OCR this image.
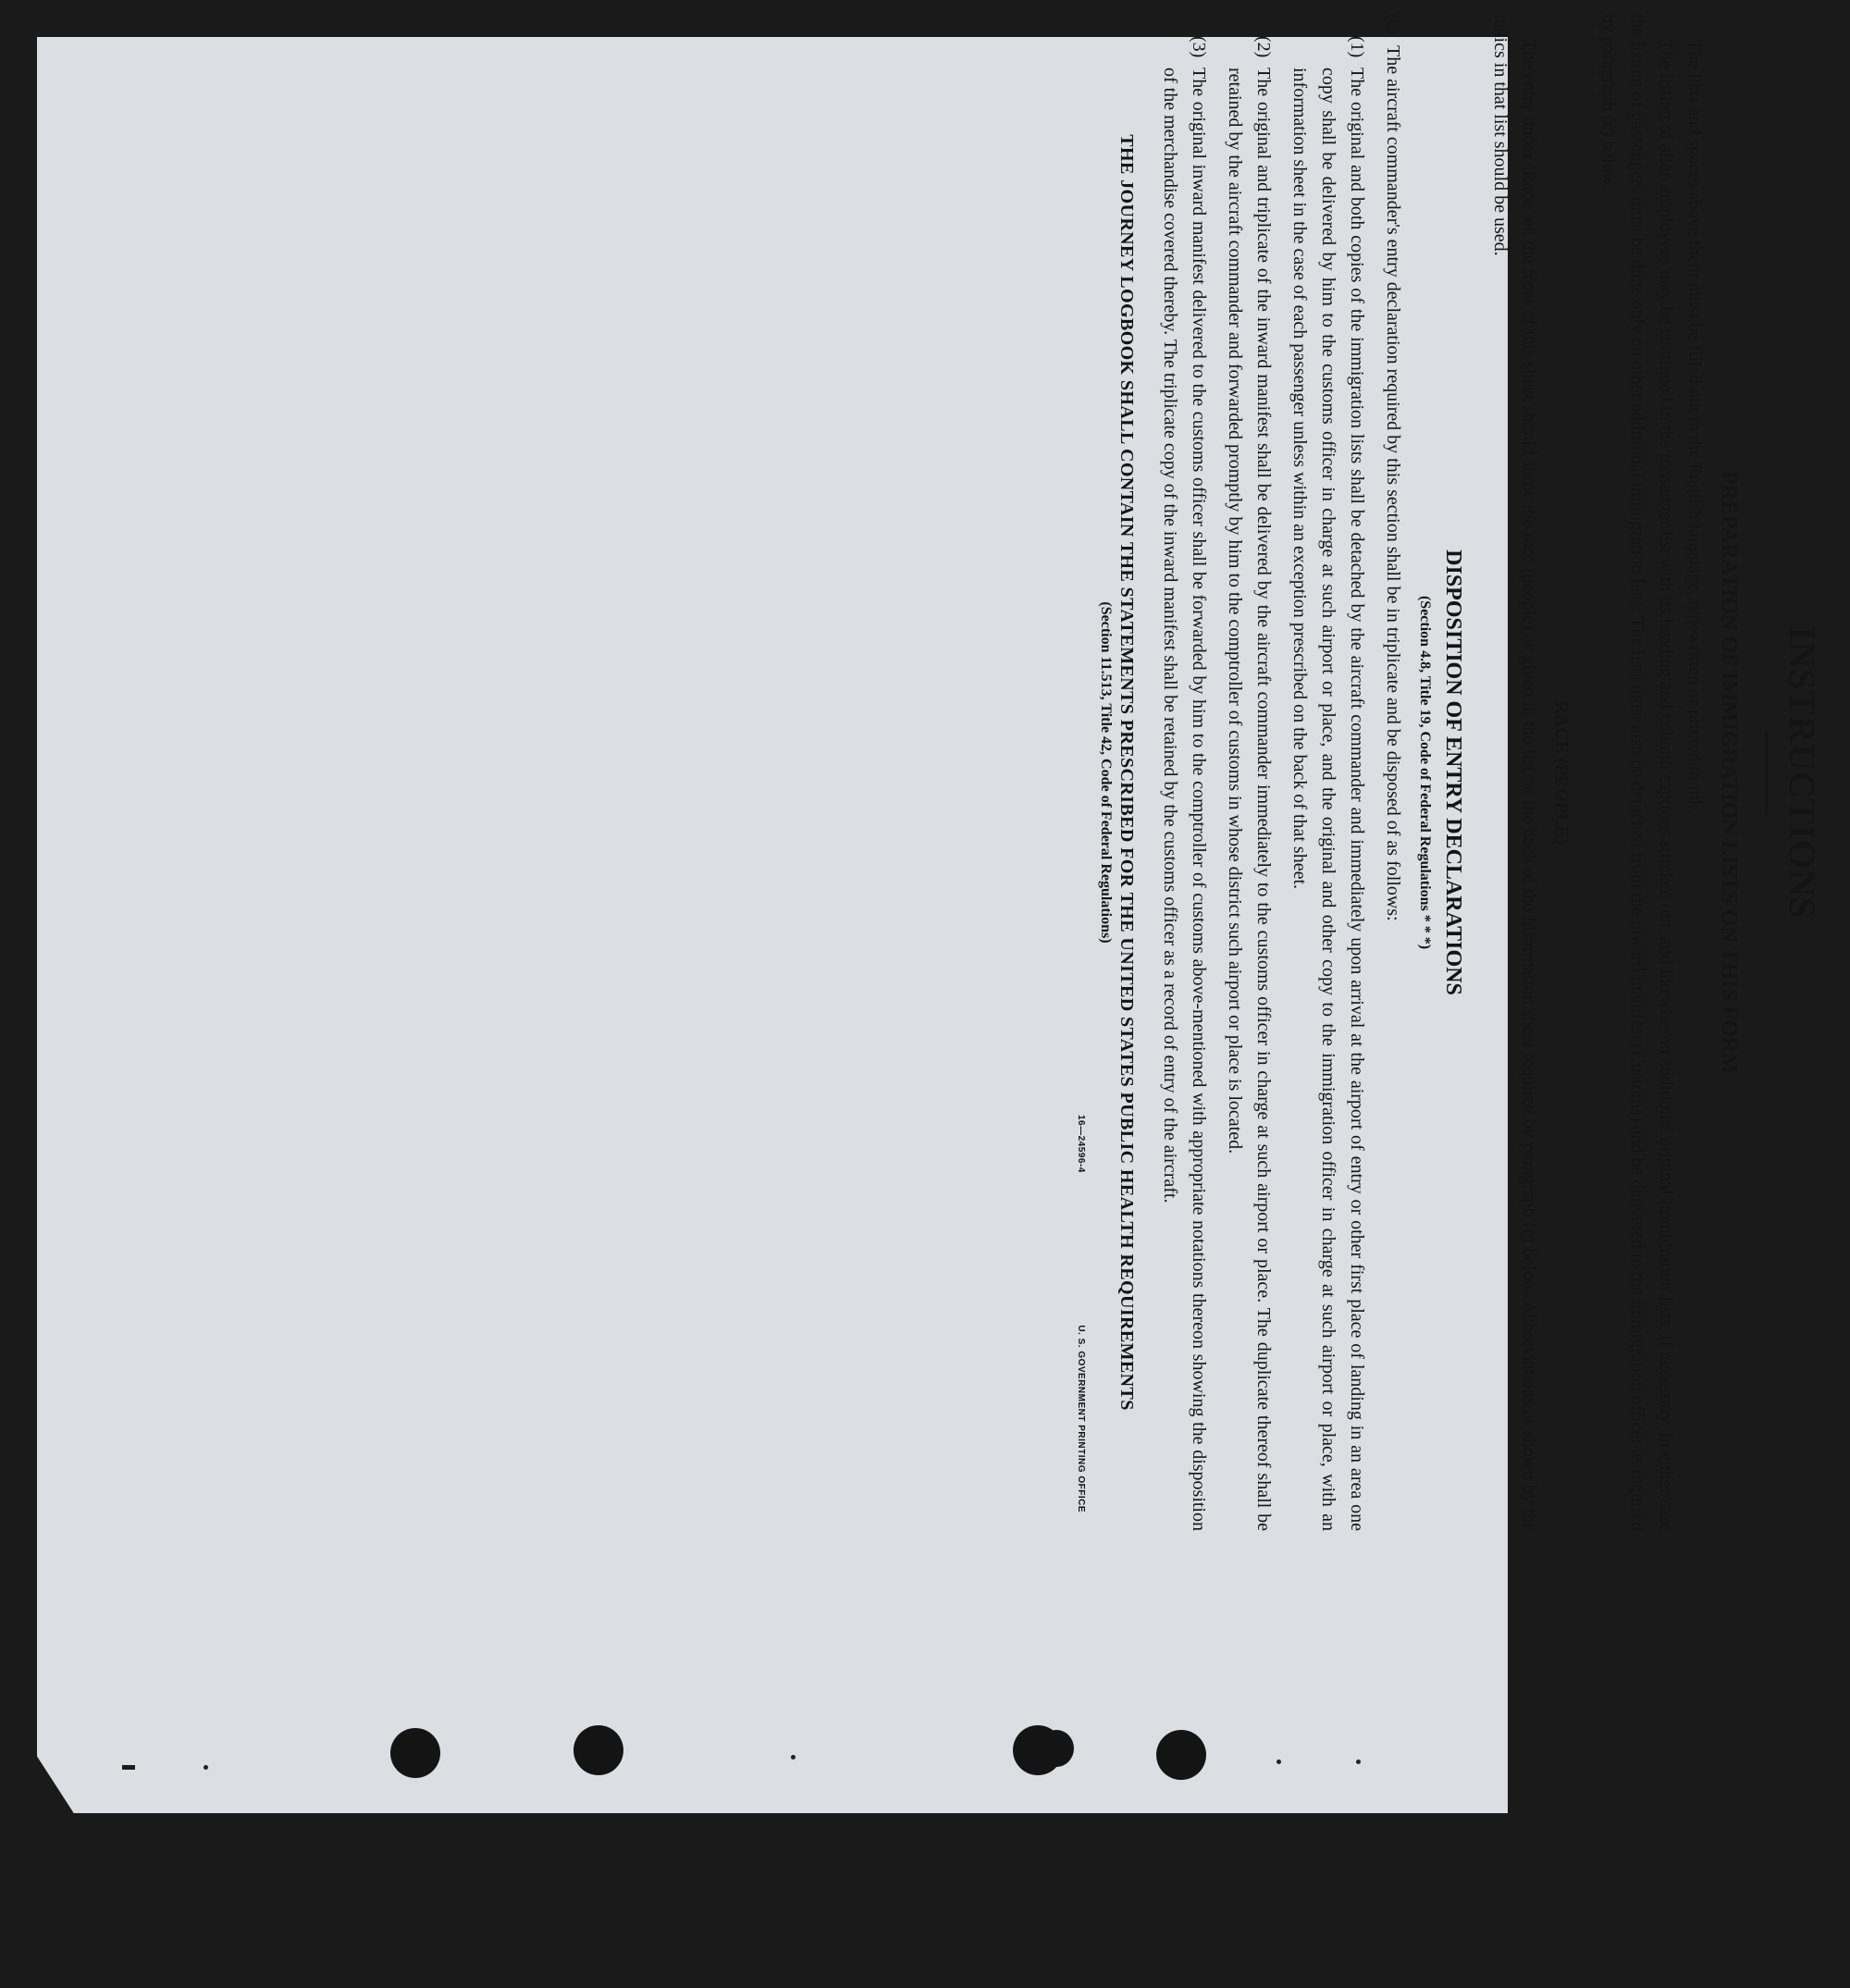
INSTRUCTIONS
PREPARATION OF IMMIGRATION LISTS ON THIS FORM

The lists and spaces above them must be filled out in the English language, typewritten or printed in ink.

The listing of alien employees may be continued in the passenger list with its heading and column captions stricken out, and likewise on additional original immigration lists, if necessary. In either case the listing of passengers must be done only on other additional immigration lists. The lists must also be detached from the inward manifest (Customs) and be delivered to the immigration officer as required by paragraph (c) below.

RACE (PEOPLE)

The entry under ‘Race’ on the front of this sheet should show the race (people) as given in the list on the back of the information sheet required by paragraph (c) below. Abbreviations as shown by the italics in that list should be used.

DISPOSITION OF ENTRY DECLARATIONS
(Section 4.8, Title 19, Code of Federal Regulations * * *)
(c)
The aircraft commander's entry declaration required by this section shall be in triplicate and be disposed of as follows:
(1)
The original and both copies of the immigration lists shall be detached by the aircraft commander and immediately upon arrival at the airport of entry or other first place of landing in an area one copy shall be delivered by him to the customs officer in charge at such airport or place, and the original and other copy to the immigration officer in charge at such airport or place, with an information sheet in the case of each passenger unless within an exception prescribed on the back of that sheet.
(2)
The original and triplicate of the inward manifest shall be delivered by the aircraft commander immediately to the customs officer in charge at such airport or place. The duplicate thereof shall be retained by the aircraft commander and forwarded promptly by him to the comptroller of customs in whose district such airport or place is located.
(3)
The original inward manifest delivered to the customs officer shall be forwarded by him to the comptroller of customs above-mentioned with appropriate notations thereon showing the disposition of the merchandise covered thereby. The triplicate copy of the inward manifest shall be retained by the customs officer as a record of entry of the aircraft.
THE JOURNEY LOGBOOK SHALL CONTAIN THE STATEMENTS PRESCRIBED FOR THE UNITED STATES PUBLIC HEALTH REQUIREMENTS
(Section 11.513, Title 42, Code of Federal Regulations)
16—24596-4
U. S. GOVERNMENT PRINTING OFFICE
